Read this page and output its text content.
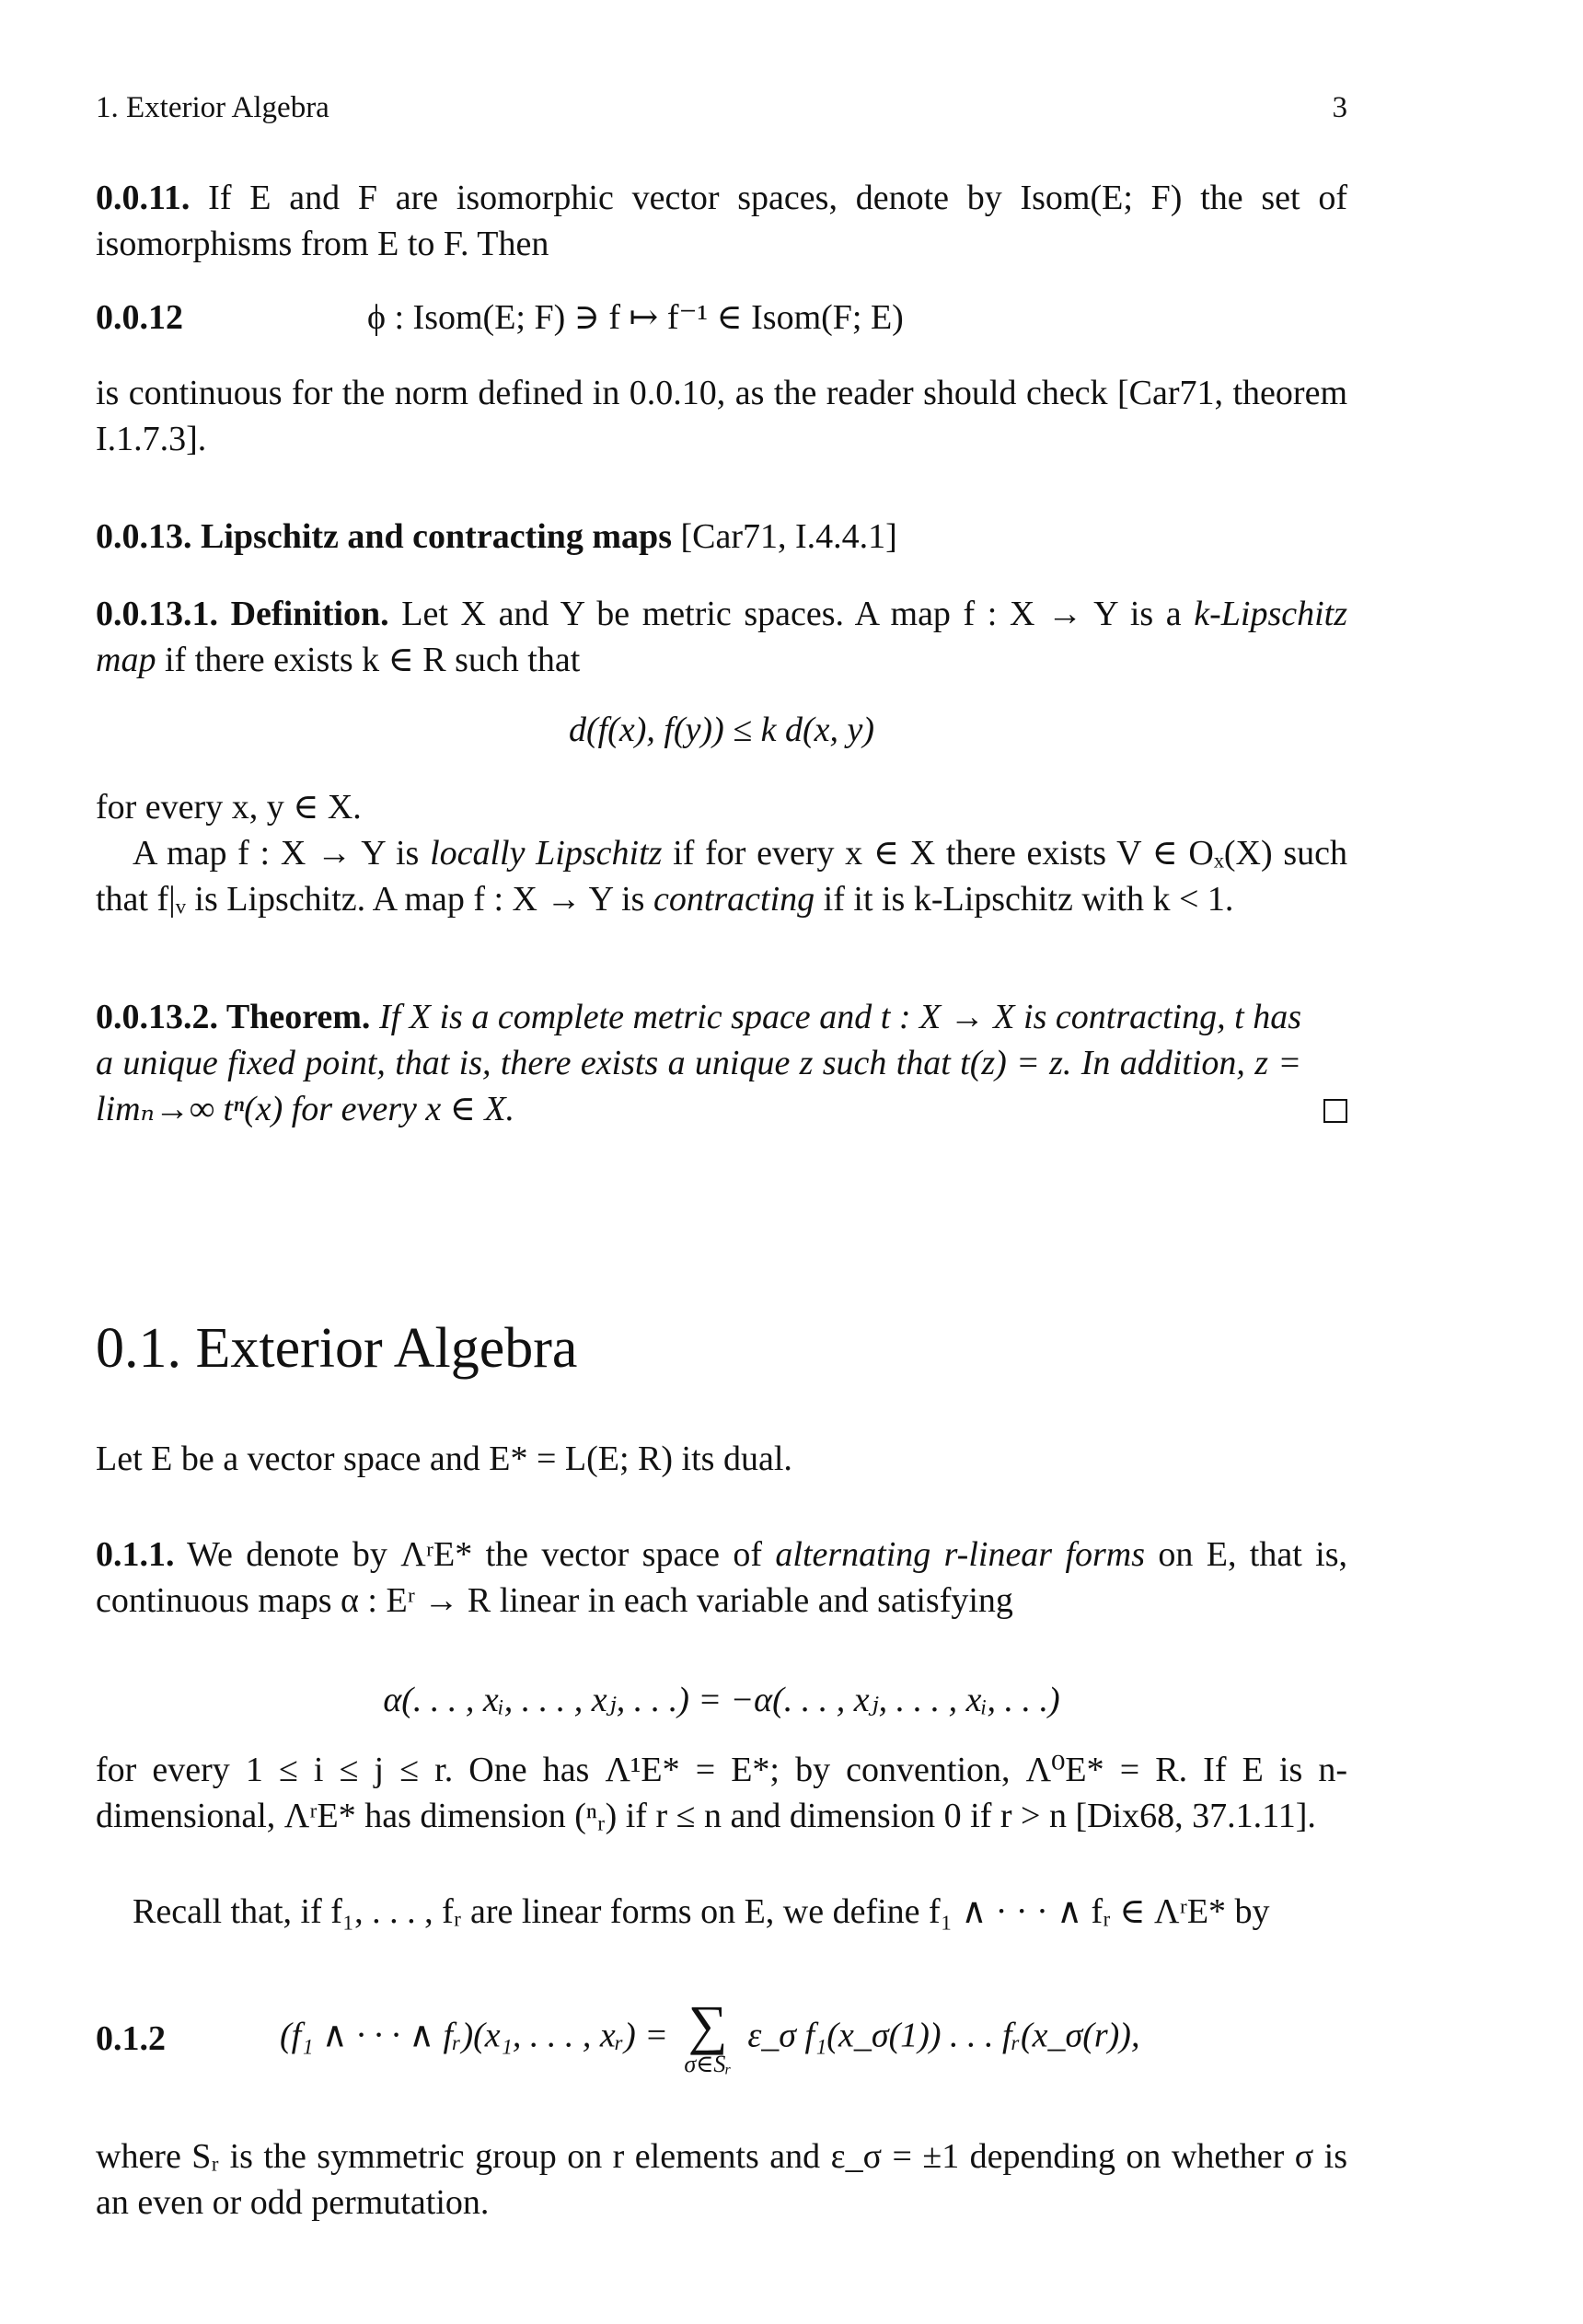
1. Exterior Algebra	3

0.0.11. If E and F are isomorphic vector spaces, denote by Isom(E; F) the set of isomorphisms from E to F. Then

0.0.12	ϕ : Isom(E; F) ∋ f ↦ f⁻¹ ∈ Isom(F; E)

is continuous for the norm defined in 0.0.10, as the reader should check [Car71, theorem I.1.7.3].

0.0.13. Lipschitz and contracting maps [Car71, I.4.4.1]

0.0.13.1. Definition. Let X and Y be metric spaces. A map f : X → Y is a k-Lipschitz map if there exists k ∈ R such that

d(f(x), f(y)) ≤ k d(x, y)

for every x, y ∈ X.

A map f : X → Y is locally Lipschitz if for every x ∈ X there exists V ∈ Oₓ(X) such that f|ᵥ is Lipschitz. A map f : X → Y is contracting if it is k-Lipschitz with k < 1.

0.0.13.2. Theorem. If X is a complete metric space and t : X → X is contracting, t has a unique fixed point, that is, there exists a unique z such that t(z) = z. In addition, z = limₙ→∞ tⁿ(x) for every x ∈ X.

0.1. Exterior Algebra

Let E be a vector space and E* = L(E; R) its dual.

0.1.1. We denote by ΛʳE* the vector space of alternating r-linear forms on E, that is, continuous maps α : Eʳ → R linear in each variable and satisfying

α(. . . , xᵢ, . . . , xⱼ, . . .) = −α(. . . , xⱼ, . . . , xᵢ, . . .)

for every 1 ≤ i ≤ j ≤ r. One has Λ¹E* = E*; by convention, Λ⁰E* = R. If E is n-dimensional, ΛʳE* has dimension (ⁿᵣ) if r ≤ n and dimension 0 if r > n [Dix68, 37.1.11].

Recall that, if f₁, . . . , fᵣ are linear forms on E, we define f₁ ∧ · · · ∧ fᵣ ∈ ΛʳE* by

0.1.2	(f₁ ∧ · · · ∧ fᵣ)(x₁, . . . , xᵣ) = ∑
σ∈Sᵣ
ε_σ f₁(x_σ(1)) . . . fᵣ(x_σ(r)),

where Sᵣ is the symmetric group on r elements and ε_σ = ±1 depending on whether σ is an even or odd permutation.
